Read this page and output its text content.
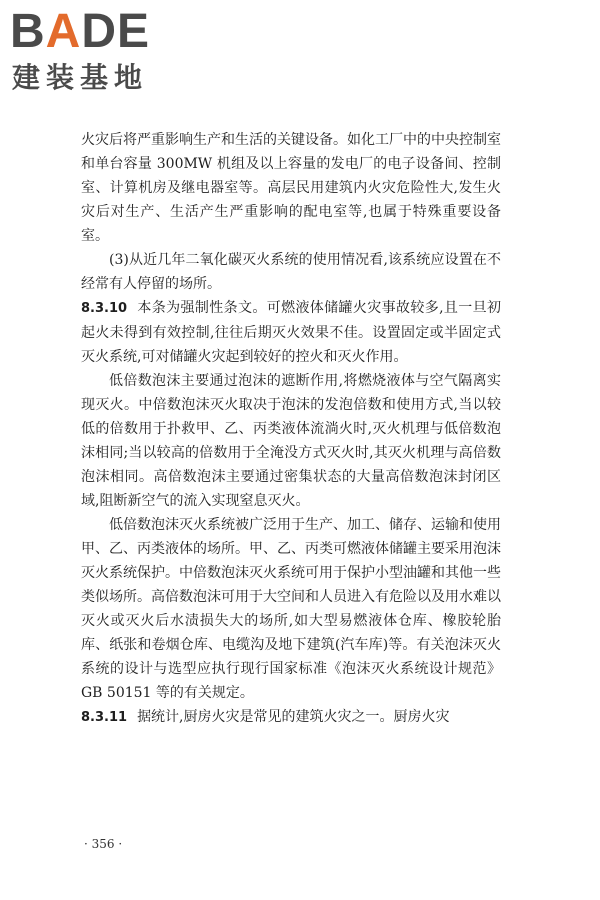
BADE
建装基地

火灾后将严重影响生产和生活的关键设备。如化工厂中的中央控制室和单台容量 300MW 机组及以上容量的发电厂的电子设备间、控制室、计算机房及继电器室等。高层民用建筑内火灾危险性大,发生火灾后对生产、生活产生严重影响的配电室等,也属于特殊重要设备室。

(3)从近几年二氧化碳灭火系统的使用情况看,该系统应设置在不经常有人停留的场所。

8.3.10 本条为强制性条文。可燃液体储罐火灾事故较多,且一旦初起火未得到有效控制,往往后期灭火效果不佳。设置固定或半固定式灭火系统,可对储罐火灾起到较好的控火和灭火作用。

低倍数泡沫主要通过泡沫的遮断作用,将燃烧液体与空气隔离实现灭火。中倍数泡沫灭火取决于泡沫的发泡倍数和使用方式,当以较低的倍数用于扑救甲、乙、丙类液体流淌火时,灭火机理与低倍数泡沫相同;当以较高的倍数用于全淹没方式灭火时,其灭火机理与高倍数泡沫相同。高倍数泡沫主要通过密集状态的大量高倍数泡沫封闭区域,阻断新空气的流入实现窒息灭火。

低倍数泡沫灭火系统被广泛用于生产、加工、储存、运输和使用甲、乙、丙类液体的场所。甲、乙、丙类可燃液体储罐主要采用泡沫灭火系统保护。中倍数泡沫灭火系统可用于保护小型油罐和其他一些类似场所。高倍数泡沫可用于大空间和人员进入有危险以及用水难以灭火或灭火后水渍损失大的场所,如大型易燃液体仓库、橡胶轮胎库、纸张和卷烟仓库、电缆沟及地下建筑(汽车库)等。有关泡沫灭火系统的设计与选型应执行现行国家标准《泡沫灭火系统设计规范》GB 50151 等的有关规定。

8.3.11 据统计,厨房火灾是常见的建筑火灾之一。厨房火灾

· 356 ·
